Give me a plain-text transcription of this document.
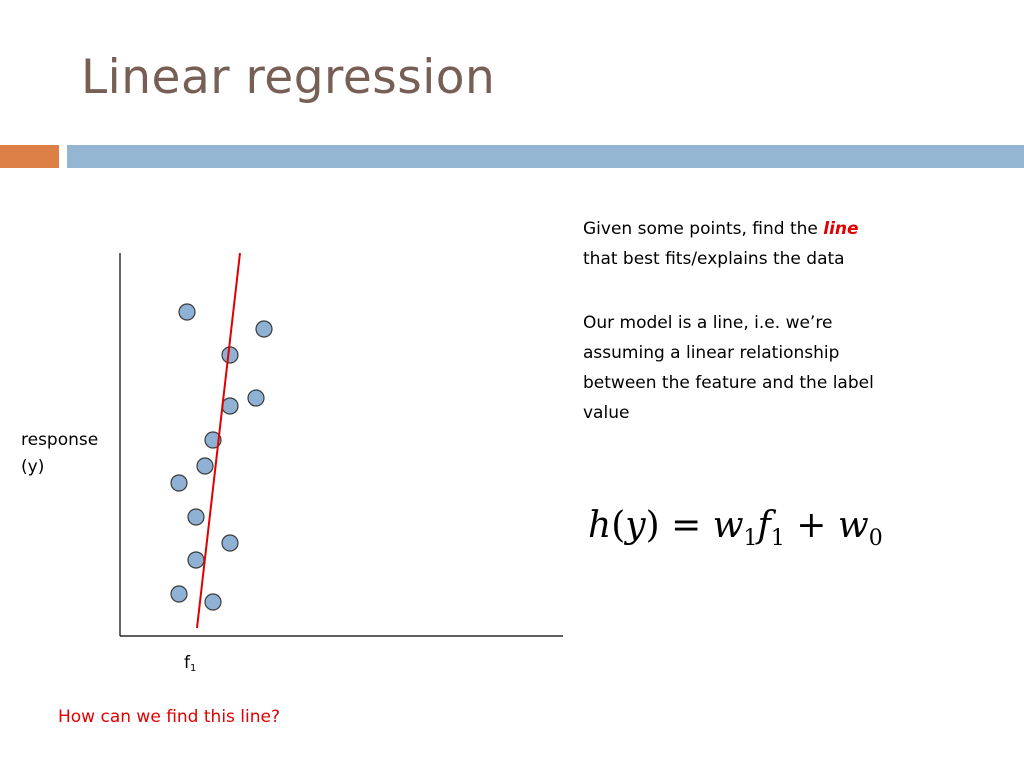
Linear regression
response
(y)
$f_1$
How can we find this line?
Given some points, find the line
that best fits/explains the data
Our model is a line, i.e. we’re assuming a linear relationship between the feature and the label value
$h(y) = w_1f_1 + w_0$
